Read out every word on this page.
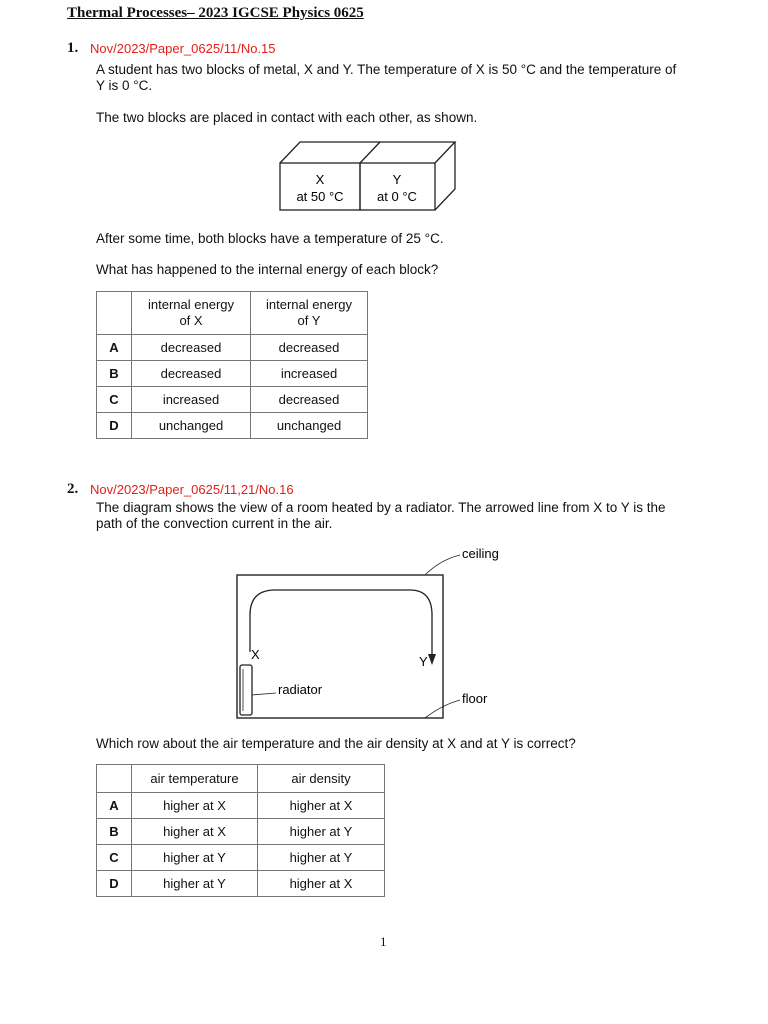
Thermal Processes– 2023 IGCSE Physics 0625
1. Nov/2023/Paper_0625/11/No.15
A student has two blocks of metal, X and Y. The temperature of X is 50 °C and the temperature of
Y is 0 °C.
The two blocks are placed in contact with each other, as shown.
X
at 50 °C
Y
at 0 °C
After some time, both blocks have a temperature of 25 °C.
What has happened to the internal energy of each block?

	internal energy
of X	internal energy
of Y

A	decreased	decreased
B	decreased	increased
C	increased	decreased
D	unchanged	unchanged
2. Nov/2023/Paper_0625/11,21/No.16
The diagram shows the view of a room heated by a radiator. The arrowed line from X to Y is the
path of the convection current in the air.
X	Y
radiator
ceiling
floor
Which row about the air temperature and the air density at X and at Y is correct?
	air temperature	air density
A	higher at X	higher at X
B	higher at X	higher at Y
C	higher at Y	higher at Y
D	higher at Y	higher at X
1
